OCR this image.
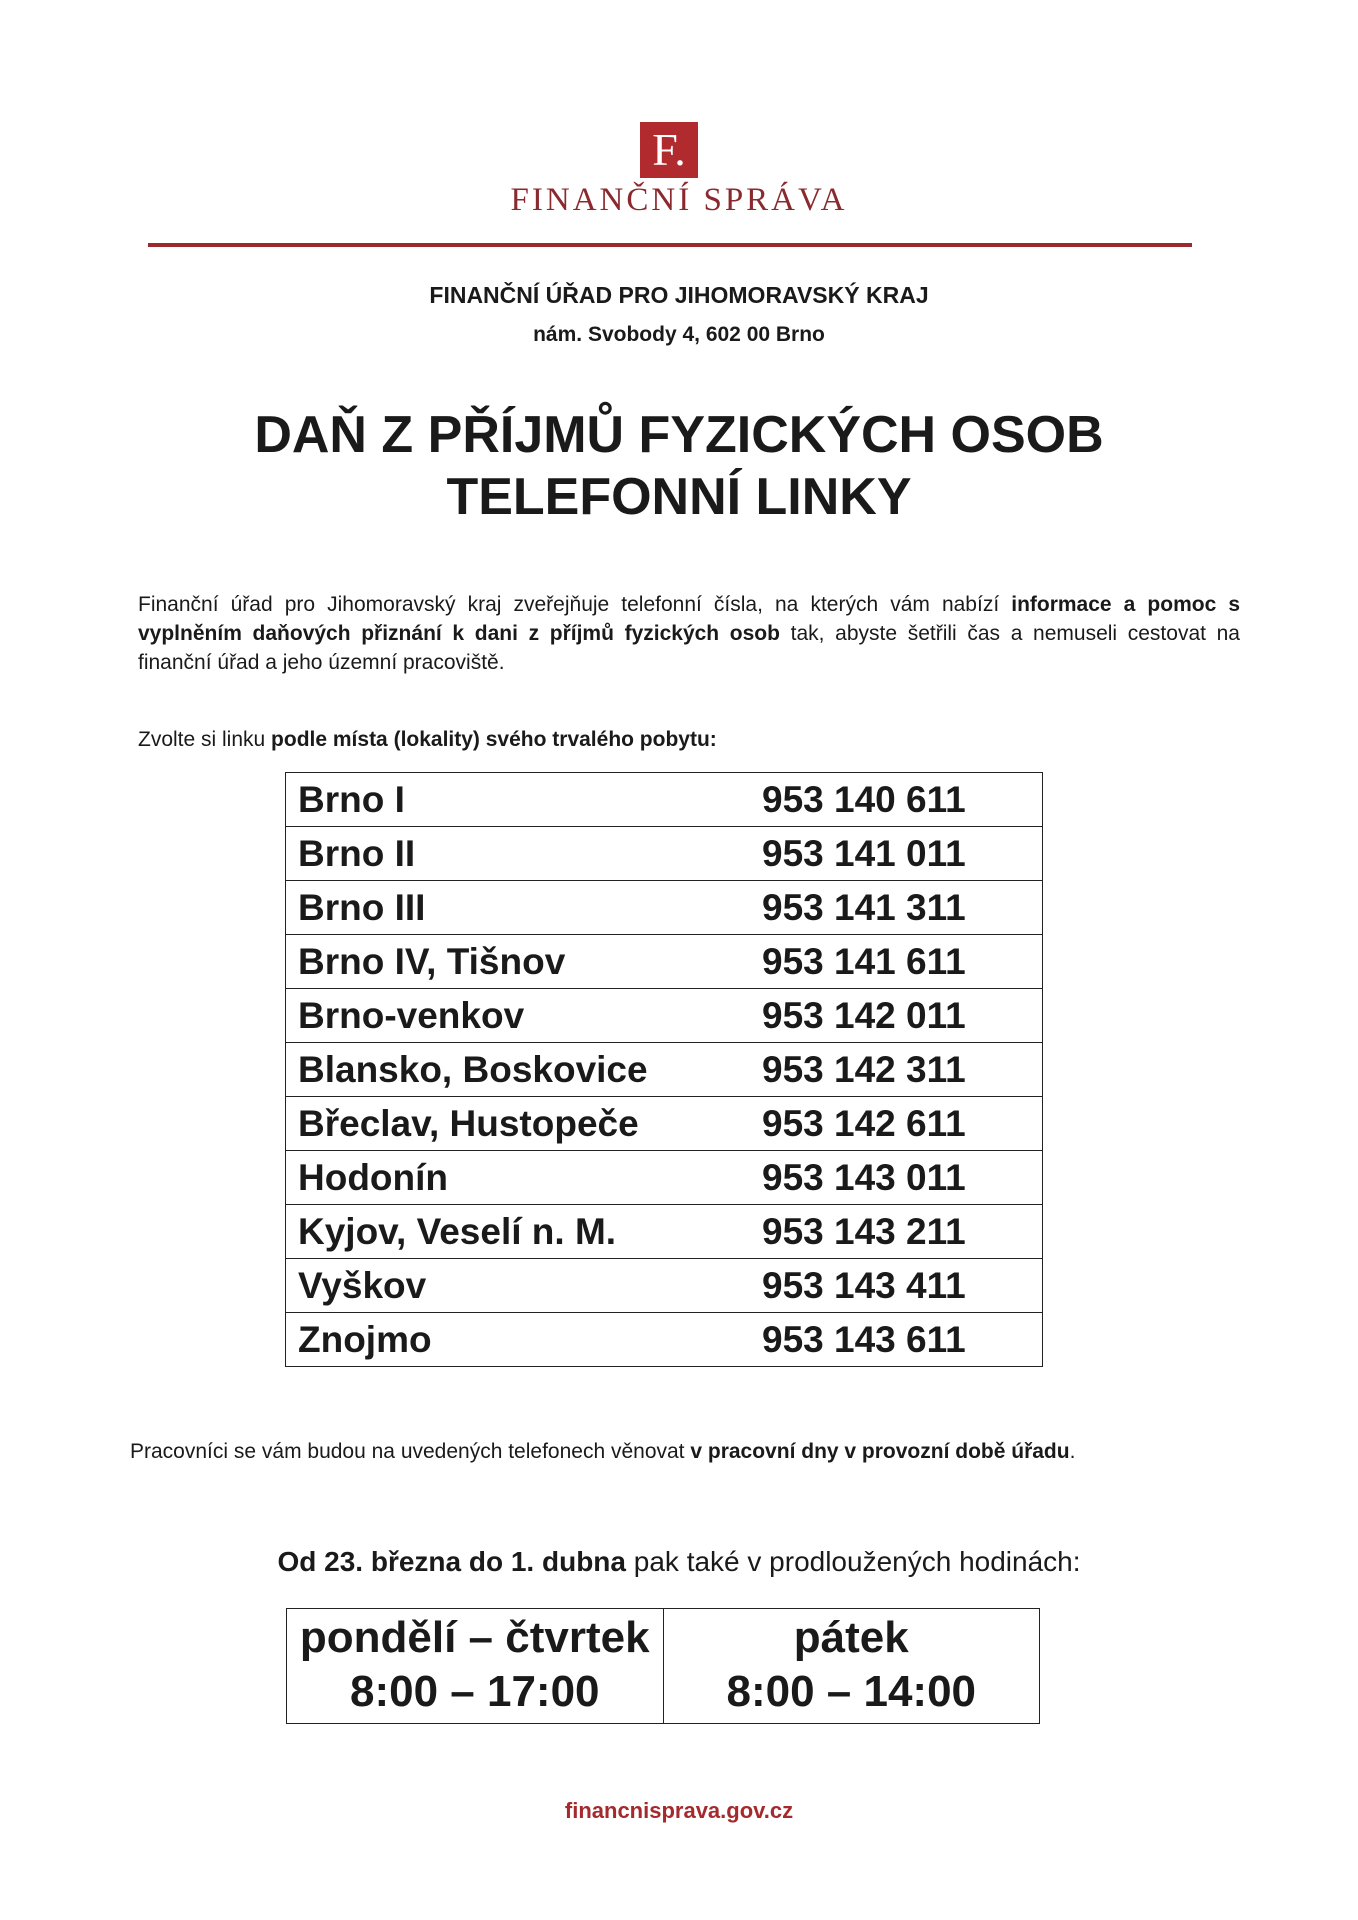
F.
FINANČNÍ SPRÁVA
FINANČNÍ ÚŘAD PRO JIHOMORAVSKÝ KRAJ
nám. Svobody 4, 602 00 Brno
DAŇ Z PŘÍJMŮ FYZICKÝCH OSOB
TELEFONNÍ LINKY
Finanční úřad pro Jihomoravský kraj zveřejňuje telefonní čísla, na kterých vám nabízí informace a pomoc s vyplněním daňových přiznání k dani z příjmů fyzických osob tak, abyste šetřili čas a nemuseli cestovat na finanční úřad a jeho územní pracoviště.
Zvolte si linku podle místa (lokality) svého trvalého pobytu:
Brno I	953 140 611
Brno II	953 141 011
Brno III	953 141 311
Brno IV, Tišnov	953 141 611
Brno-venkov	953 142 011
Blansko, Boskovice	953 142 311
Břeclav, Hustopeče	953 142 611
Hodonín	953 143 011
Kyjov, Veselí n. M.	953 143 211
Vyškov	953 143 411
Znojmo	953 143 611
Pracovníci se vám budou na uvedených telefonech věnovat v pracovní dny v provozní době úřadu.
Od 23. března do 1. dubna pak také v prodloužených hodinách:
pondělí – čtvrtek
8:00 – 17:00

pátek
8:00 – 14:00
financnisprava.gov.cz
